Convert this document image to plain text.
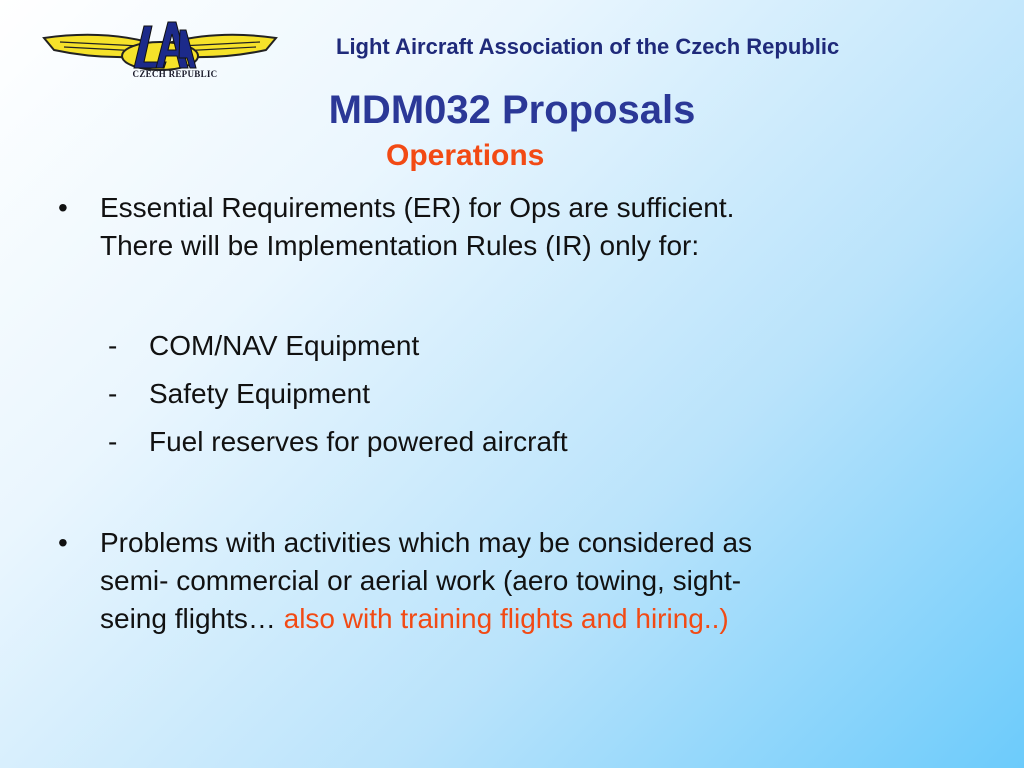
CZECH REPUBLIC
Light Aircraft Association of the Czech Republic
MDM032 Proposals
Operations
• Essential Requirements (ER) for Ops are sufficient.
There will be Implementation Rules (IR) only for:
- COM/NAV Equipment
- Safety Equipment
- Fuel reserves for powered aircraft
• Problems with activities which may be considered as
semi- commercial or aerial work (aero towing, sight-
seing flights… also with training flights and hiring..)
